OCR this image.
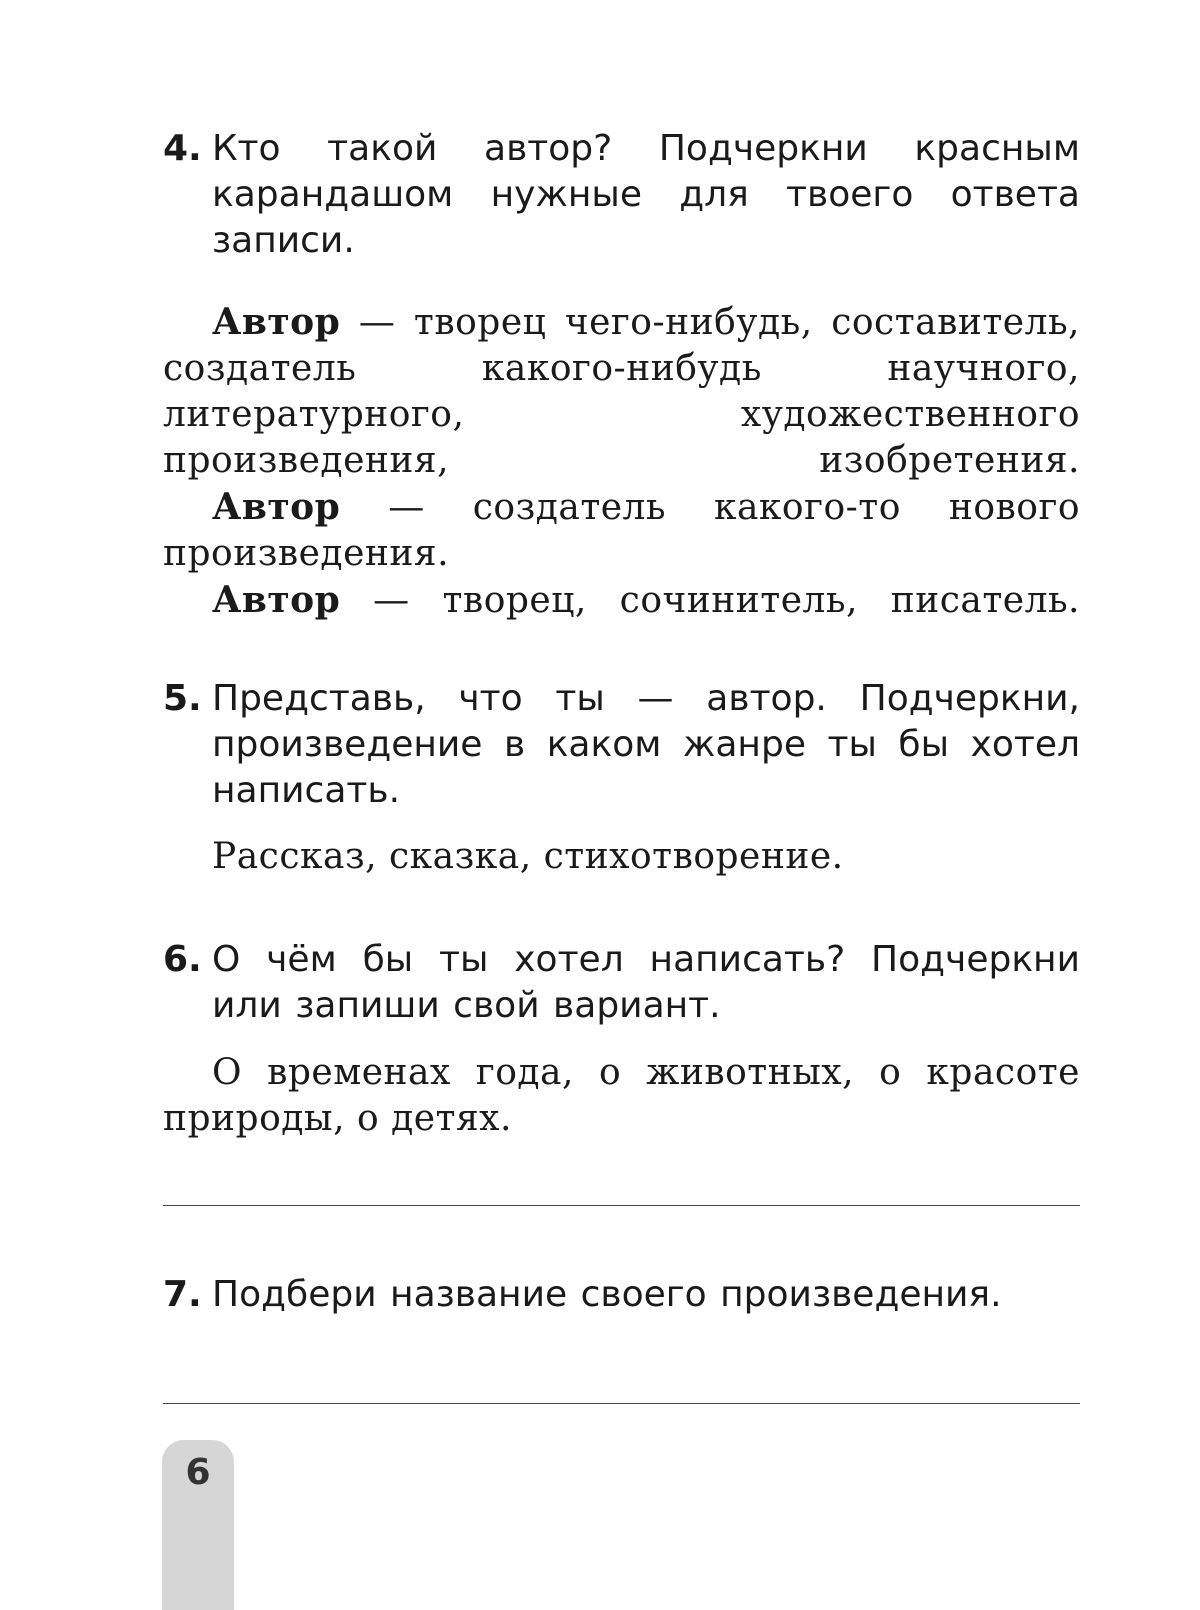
4. Кто такой автор? Подчеркни красным карандашом нужные для твоего ответа записи.

Автор — творец чего-нибудь, составитель, создатель какого-нибудь научного, литературного, художественного произведения, изобретения.

Автор — создатель какого-то нового произведения.

Автор — творец, сочинитель, писатель.

5. Представь, что ты — автор. Подчеркни, произведение в каком жанре ты бы хотел написать.

Рассказ, сказка, стихотворение.

6. О чём бы ты хотел написать? Подчеркни или запиши свой вариант.

О временах года, о животных, о красоте природы, о детях.

7. Подбери название своего произведения.
6
